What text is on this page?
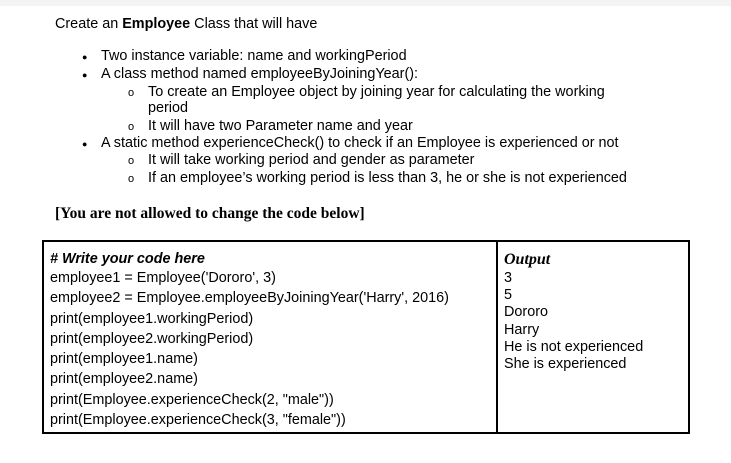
Create an Employee Class that will have
●
Two instance variable: name and workingPeriod
●
A class method named employeeByJoiningYear():
o
To create an Employee object by joining year for calculating the working
period
o
It will have two Parameter name and year
●
A static method experienceCheck() to check if an Employee is experienced or not
o
It will take working period and gender as parameter
o
If an employee’s working period is less than 3, he or she is not experienced
[You are not allowed to change the code below]
# Write your code here
employee1 = Employee('Dororo', 3)
employee2 = Employee.employeeByJoiningYear('Harry', 2016)
print(employee1.workingPeriod)
print(employee2.workingPeriod)
print(employee1.name)
print(employee2.name)
print(Employee.experienceCheck(2, "male"))
print(Employee.experienceCheck(3, "female"))
Output
3
5
Dororo
Harry
He is not experienced
She is experienced
